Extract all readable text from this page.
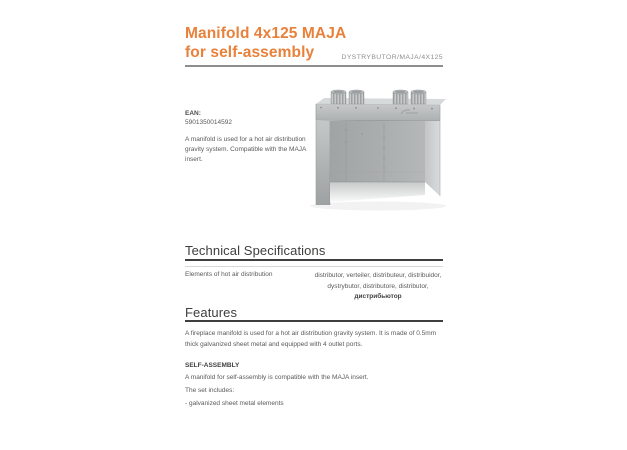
Manifold 4x125 MAJA
for self-assembly	DYSTRYBUTOR/MAJA/4X125
EAN:
5901350014592
A manifold is used for a hot air distribution gravity system. Compatible with the MAJA insert.
Technical Specifications
Elements of hot air distribution	distributor, verteiler, distributeur, distribuidor, dystrybutor, distributore, distributor, дистрибьютор
Features
A fireplace manifold is used for a hot air distribution gravity system. It is made of 0.5mm thick galvanized sheet metal and equipped with 4 outlet ports.
SELF-ASSEMBLY
A manifold for self-assembly is compatible with the MAJA insert.
The set includes:
- galvanized sheet metal elements
